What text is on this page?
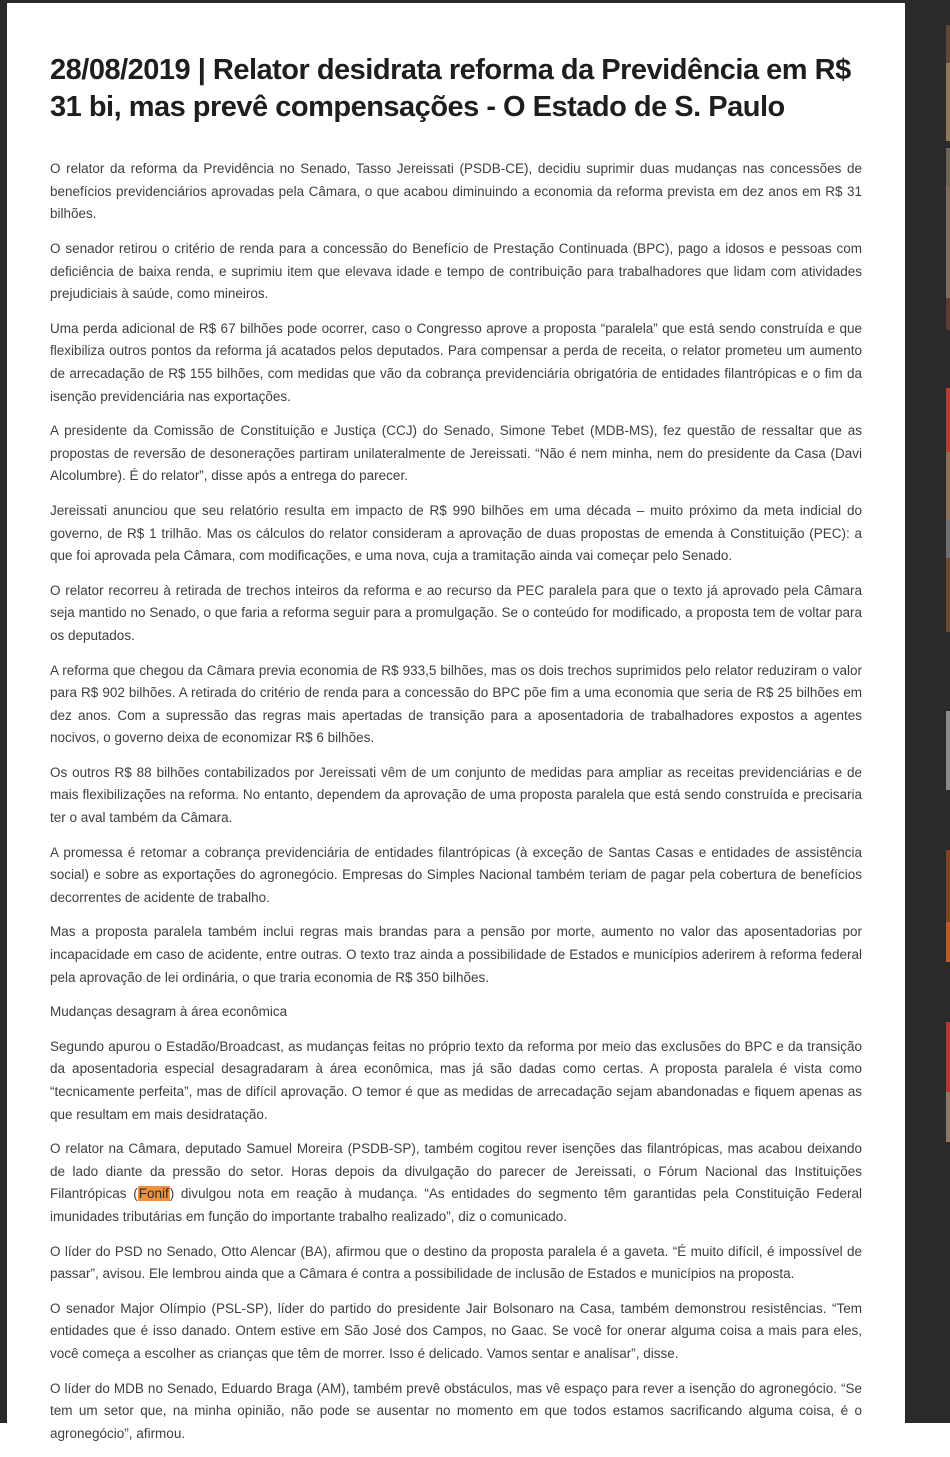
28/08/2019 | Relator desidrata reforma da Previdência em R$ 31 bi, mas prevê compensações - O Estado de S. Paulo

O relator da reforma da Previdência no Senado, Tasso Jereissati (PSDB-CE), decidiu suprimir duas mudanças nas concessões de benefícios previdenciários aprovadas pela Câmara, o que acabou diminuindo a economia da reforma prevista em dez anos em R$ 31 bilhões.

O senador retirou o critério de renda para a concessão do Benefício de Prestação Continuada (BPC), pago a idosos e pessoas com deficiência de baixa renda, e suprimiu item que elevava idade e tempo de contribuição para trabalhadores que lidam com atividades prejudiciais à saúde, como mineiros.

Uma perda adicional de R$ 67 bilhões pode ocorrer, caso o Congresso aprove a proposta “paralela” que está sendo construída e que flexibiliza outros pontos da reforma já acatados pelos deputados. Para compensar a perda de receita, o relator prometeu um aumento de arrecadação de R$ 155 bilhões, com medidas que vão da cobrança previdenciária obrigatória de entidades filantrópicas e o fim da isenção previdenciária nas exportações.

A presidente da Comissão de Constituição e Justiça (CCJ) do Senado, Simone Tebet (MDB-MS), fez questão de ressaltar que as propostas de reversão de desonerações partiram unilateralmente de Jereissati. “Não é nem minha, nem do presidente da Casa (Davi Alcolumbre). É do relator”, disse após a entrega do parecer.

Jereissati anunciou que seu relatório resulta em impacto de R$ 990 bilhões em uma década – muito próximo da meta indicial do governo, de R$ 1 trilhão. Mas os cálculos do relator consideram a aprovação de duas propostas de emenda à Constituição (PEC): a que foi aprovada pela Câmara, com modificações, e uma nova, cuja a tramitação ainda vai começar pelo Senado.

O relator recorreu à retirada de trechos inteiros da reforma e ao recurso da PEC paralela para que o texto já aprovado pela Câmara seja mantido no Senado, o que faria a reforma seguir para a promulgação. Se o conteúdo for modificado, a proposta tem de voltar para os deputados.

A reforma que chegou da Câmara previa economia de R$ 933,5 bilhões, mas os dois trechos suprimidos pelo relator reduziram o valor para R$ 902 bilhões. A retirada do critério de renda para a concessão do BPC põe fim a uma economia que seria de R$ 25 bilhões em dez anos. Com a supressão das regras mais apertadas de transição para a aposentadoria de trabalhadores expostos a agentes nocivos, o governo deixa de economizar R$ 6 bilhões.

Os outros R$ 88 bilhões contabilizados por Jereissati vêm de um conjunto de medidas para ampliar as receitas previdenciárias e de mais flexibilizações na reforma. No entanto, dependem da aprovação de uma proposta paralela que está sendo construída e precisaria ter o aval também da Câmara.

A promessa é retomar a cobrança previdenciária de entidades filantrópicas (à exceção de Santas Casas e entidades de assistência social) e sobre as exportações do agronegócio. Empresas do Simples Nacional também teriam de pagar pela cobertura de benefícios decorrentes de acidente de trabalho.

Mas a proposta paralela também inclui regras mais brandas para a pensão por morte, aumento no valor das aposentadorias por incapacidade em caso de acidente, entre outras. O texto traz ainda a possibilidade de Estados e municípios aderirem à reforma federal pela aprovação de lei ordinária, o que traria economia de R$ 350 bilhões.

Mudanças desagram à área econômica

Segundo apurou o Estadão/Broadcast, as mudanças feitas no próprio texto da reforma por meio das exclusões do BPC e da transição da aposentadoria especial desagradaram à área econômica, mas já são dadas como certas. A proposta paralela é vista como “tecnicamente perfeita”, mas de difícil aprovação. O temor é que as medidas de arrecadação sejam abandonadas e fiquem apenas as que resultam em mais desidratação.

O relator na Câmara, deputado Samuel Moreira (PSDB-SP), também cogitou rever isenções das filantrópicas, mas acabou deixando de lado diante da pressão do setor. Horas depois da divulgação do parecer de Jereissati, o Fórum Nacional das Instituições Filantrópicas (Fonif) divulgou nota em reação à mudança. “As entidades do segmento têm garantidas pela Constituição Federal imunidades tributárias em função do importante trabalho realizado”, diz o comunicado.

O líder do PSD no Senado, Otto Alencar (BA), afirmou que o destino da proposta paralela é a gaveta. “É muito difícil, é impossível de passar”, avisou. Ele lembrou ainda que a Câmara é contra a possibilidade de inclusão de Estados e municípios na proposta.

O senador Major Olímpio (PSL-SP), líder do partido do presidente Jair Bolsonaro na Casa, também demonstrou resistências. “Tem entidades que é isso danado. Ontem estive em São José dos Campos, no Gaac. Se você for onerar alguma coisa a mais para eles, você começa a escolher as crianças que têm de morrer. Isso é delicado. Vamos sentar e analisar”, disse.

O líder do MDB no Senado, Eduardo Braga (AM), também prevê obstáculos, mas vê espaço para rever a isenção do agronegócio. “Se tem um setor que, na minha opinião, não pode se ausentar no momento em que todos estamos sacrificando alguma coisa, é o agronegócio”, afirmou.
